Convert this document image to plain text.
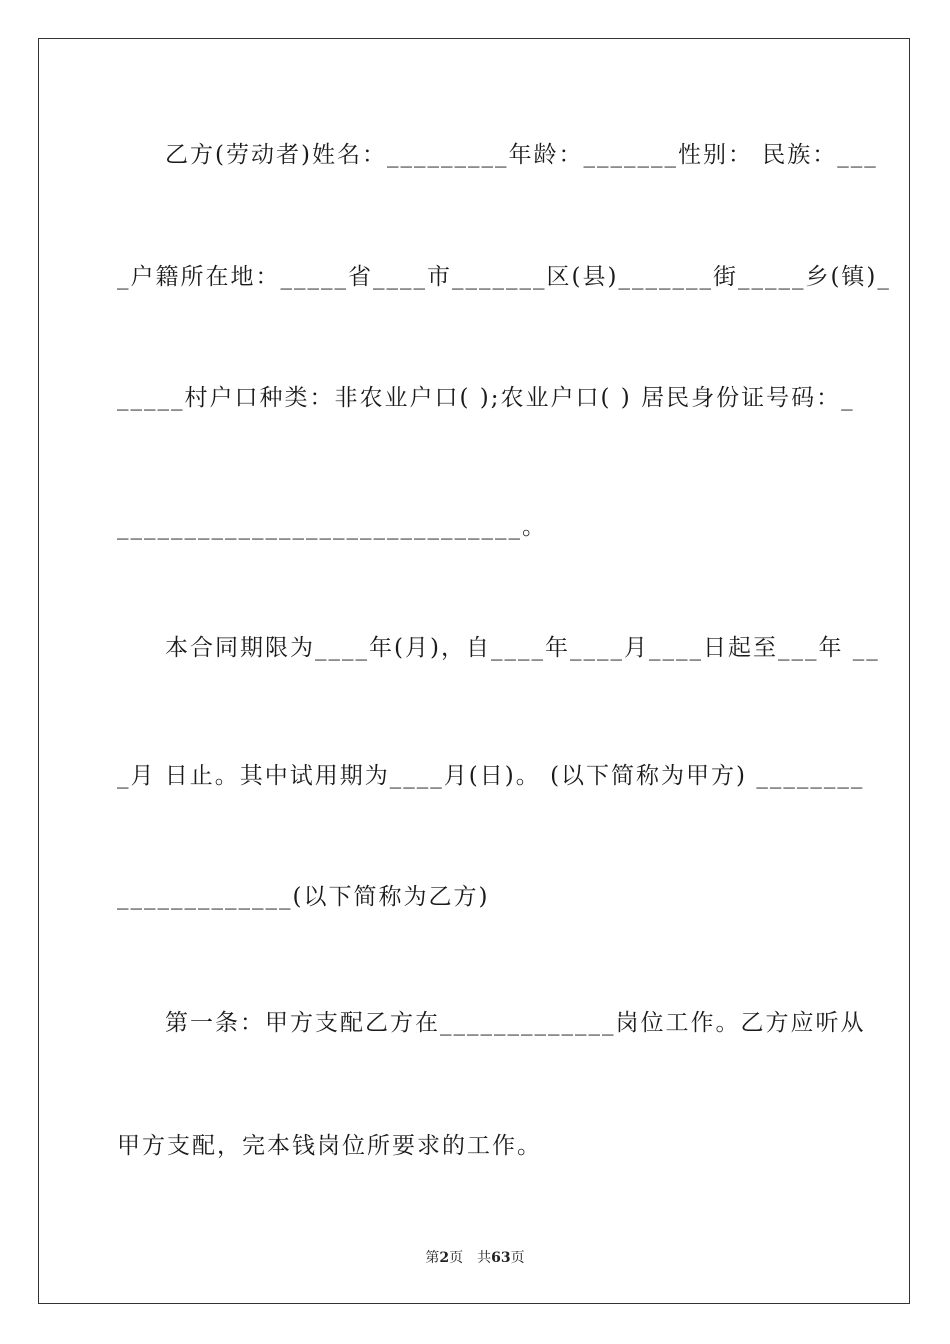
乙方(劳动者)姓名：_________年龄：_______性别： 民族：___
_户籍所在地：_____省____市_______区(县)_______街_____乡(镇)_
_____村户口种类：非农业户口( );农业户口( ) 居民身份证号码：_
______________________________。
本合同期限为____年(月)，自____年____月____日起至___年 __
_月 日止。其中试用期为____月(日)。 (以下简称为甲方) ________
_____________(以下简称为乙方)
第一条：甲方支配乙方在_____________岗位工作。乙方应听从
甲方支配，完本钱岗位所要求的工作。
第2页  共63页
